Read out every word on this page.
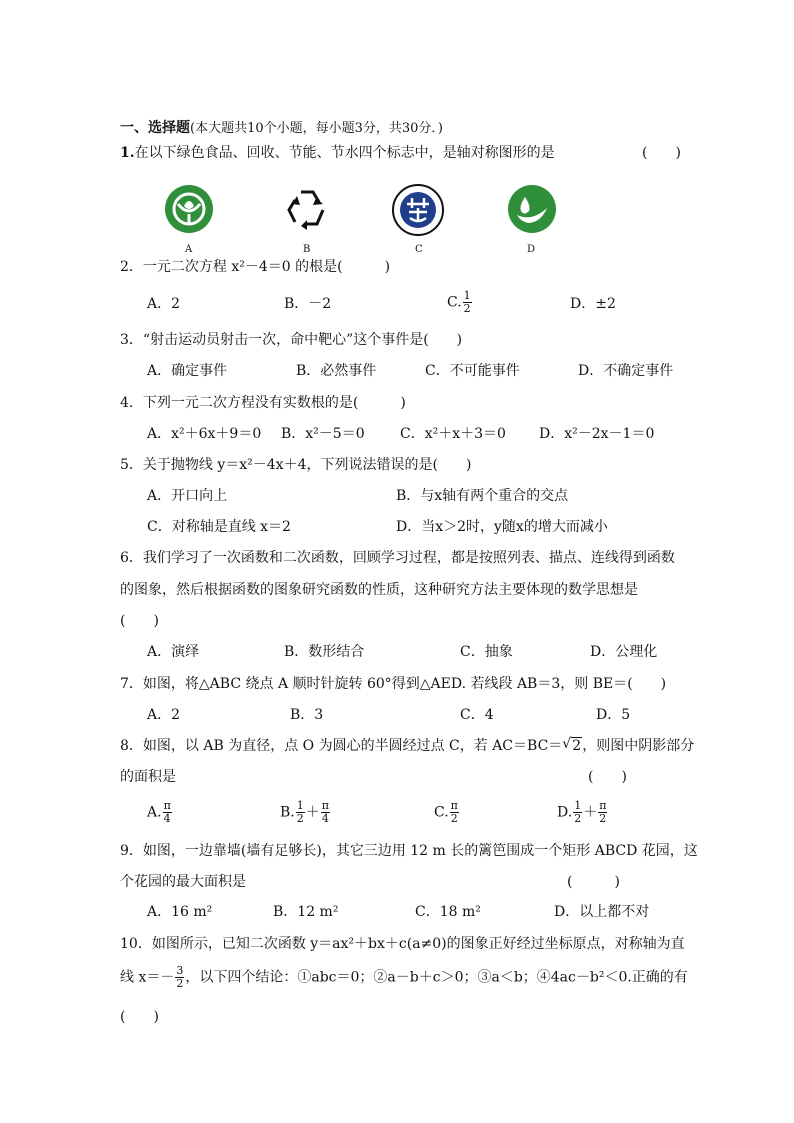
一、选择题(本大题共10个小题，每小题3分，共30分．)
1.在以下绿色食品、回收、节能、节水四个标志中，是轴对称图形的是	(　　)
A	B	C	D
2．一元二次方程 x²－4＝0 的根是(　　　)
A．2	B．－2	C. $\frac{1}{2}$	D．±2
3．“射击运动员射击一次，命中靶心”这个事件是(　　)
A．确定事件	B．必然事件	C．不可能事件	D．不确定事件
4．下列一元二次方程没有实数根的是(　　　)
A．x²＋6x＋9＝0 B．x²－5＝0	C．x²＋x＋3＝0 D．x²－2x－1＝0
5．关于抛物线 y＝x²－4x＋4，下列说法错误的是(　　)
A．开口向上	B．与x轴有两个重合的交点
C．对称轴是直线 x＝2	D．当x＞2时，y随x的增大而减小
6．我们学习了一次函数和二次函数，回顾学习过程，都是按照列表、描点、连线得到函数
的图象，然后根据函数的图象研究函数的性质，这种研究方法主要体现的数学思想是
(　　)
A．演绎	B．数形结合	C．抽象	D．公理化
7．如图，将△ABC 绕点 A 顺时针旋转 60°得到△AED. 若线段 AB＝3，则 BE＝(　　)
A．2	B．3	C．4	D．5
8．如图，以 AB 为直径，点 O 为圆心的半圆经过点 C，若 AC＝BC＝ √ 2，则图中阴影部分
的面积是	(　　)
A. $\frac{\pi}{4}$	B. $\frac{1}{2} + \frac{\pi}{4}$	C. $\frac{\pi}{2}$	D. $\frac{1}{2} + \frac{\pi}{2}$
9．如图，一边靠墙(墙有足够长)，其它三边用 12 m 长的篱笆围成一个矩形 ABCD 花园，这
个花园的最大面积是	(　　　)
A．16 m²	B．12 m²	C．18 m²	D．以上都不对
10．如图所示，已知二次函数 y＝ax²＋bx＋c(a≠0)的图象正好经过坐标原点，对称轴为直
线 $x=- \frac{3}{2}$ ，以下四个结论：①abc＝0；②a－b＋c＞0；③a＜b；④4ac－b²＜0.正确的有
(　　)
